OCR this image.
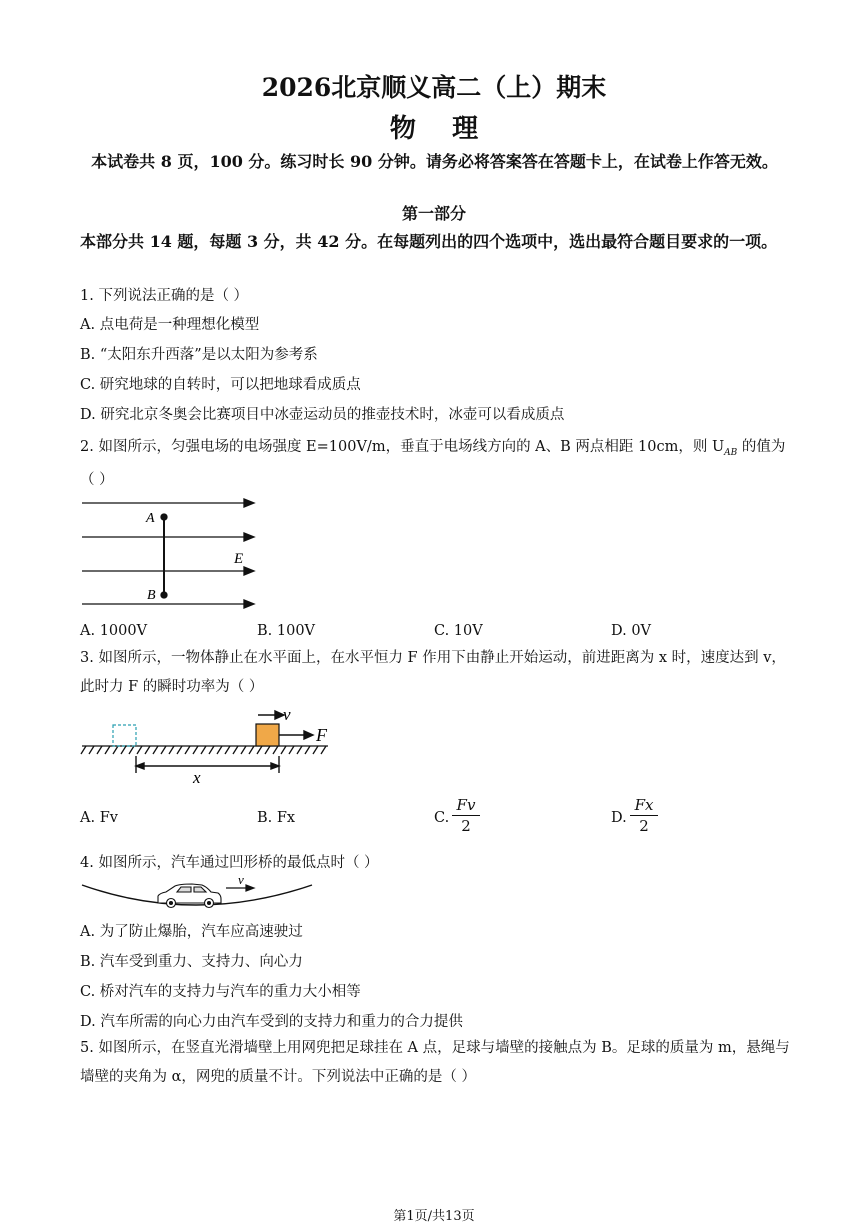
2026北京顺义高二（上）期末
物    理
本试卷共 8 页，100 分。练习时长 90 分钟。请务必将答案答在答题卡上，在试卷上作答无效。
第一部分
本部分共 14 题，每题 3 分，共 42 分。在每题列出的四个选项中，选出最符合题目要求的一项。
1. 下列说法正确的是（ ）
A. 点电荷是一种理想化模型
B. “太阳东升西落”是以太阳为参考系
C. 研究地球的自转时，可以把地球看成质点
D. 研究北京冬奥会比赛项目中冰壶运动员的推壶技术时，冰壶可以看成质点
2. 如图所示，匀强电场的电场强度 E=100V/m，垂直于电场线方向的 A、B 两点相距 10cm，则 $U_{AB}$ 的值为
（ ）
A
B
E
A. 1000V	B. 100V	C. 10V	D. 0V
3. 如图所示，一物体静止在水平面上，在水平恒力 F 作用下由静止开始运动，前进距离为 x 时，速度达到 v，此时力 F 的瞬时功率为（ ）
v
F
x
A. Fv	B. Fx	C. $\frac{Fv}{2}$	D. $\frac{Fx}{2}$
4. 如图所示，汽车通过凹形桥的最低点时（ ）
v
A. 为了防止爆胎，汽车应高速驶过
B. 汽车受到重力、支持力、向心力
C. 桥对汽车的支持力与汽车的重力大小相等
D. 汽车所需的向心力由汽车受到的支持力和重力的合力提供
5. 如图所示，在竖直光滑墙壁上用网兜把足球挂在 A 点，足球与墙壁的接触点为 B。足球的质量为 m，悬绳与墙壁的夹角为 α，网兜的质量不计。下列说法中正确的是（ ）
第1页/共13页
